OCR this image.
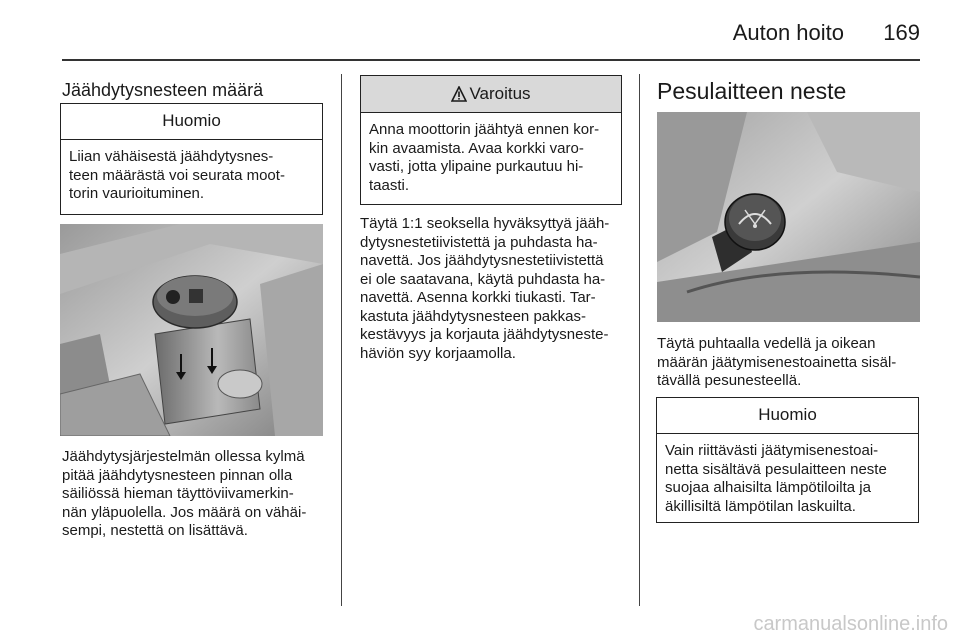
Auton hoito 169
Jäähdytysnesteen määrä
Huomio
Liian vähäisestä jäähdytysnes-
teen määrästä voi seurata moot-
torin vaurioituminen.
Jäähdytysjärjestelmän ollessa kylmä
pitää jäähdytysnesteen pinnan olla
säiliössä hieman täyttöviivamerkin-
nän yläpuolella. Jos määrä on vähäi-
sempi, nestettä on lisättävä.
Varoitus
Anna moottorin jäähtyä ennen kor-
kin avaamista. Avaa korkki varo-
vasti, jotta ylipaine purkautuu hi-
taasti.
Täytä 1:1 seoksella hyväksyttyä jääh-
dytysnestetiivistettä ja puhdasta ha-
navettä. Jos jäähdytysnestetiivistettä
ei ole saatavana, käytä puhdasta ha-
navettä. Asenna korkki tiukasti. Tar-
kastuta jäähdytysnesteen pakkas-
kestävyys ja korjauta jäähdytysneste-
häviön syy korjaamolla.
Pesulaitteen neste
Täytä puhtaalla vedellä ja oikean
määrän jäätymisenestoainetta sisäl-
tävällä pesunesteellä.
Huomio
Vain riittävästi jäätymisenestoai-
netta sisältävä pesulaitteen neste
suojaa alhaisilta lämpötiloilta ja
äkillisiltä lämpötilan laskuilta.
carmanualsonline.info
